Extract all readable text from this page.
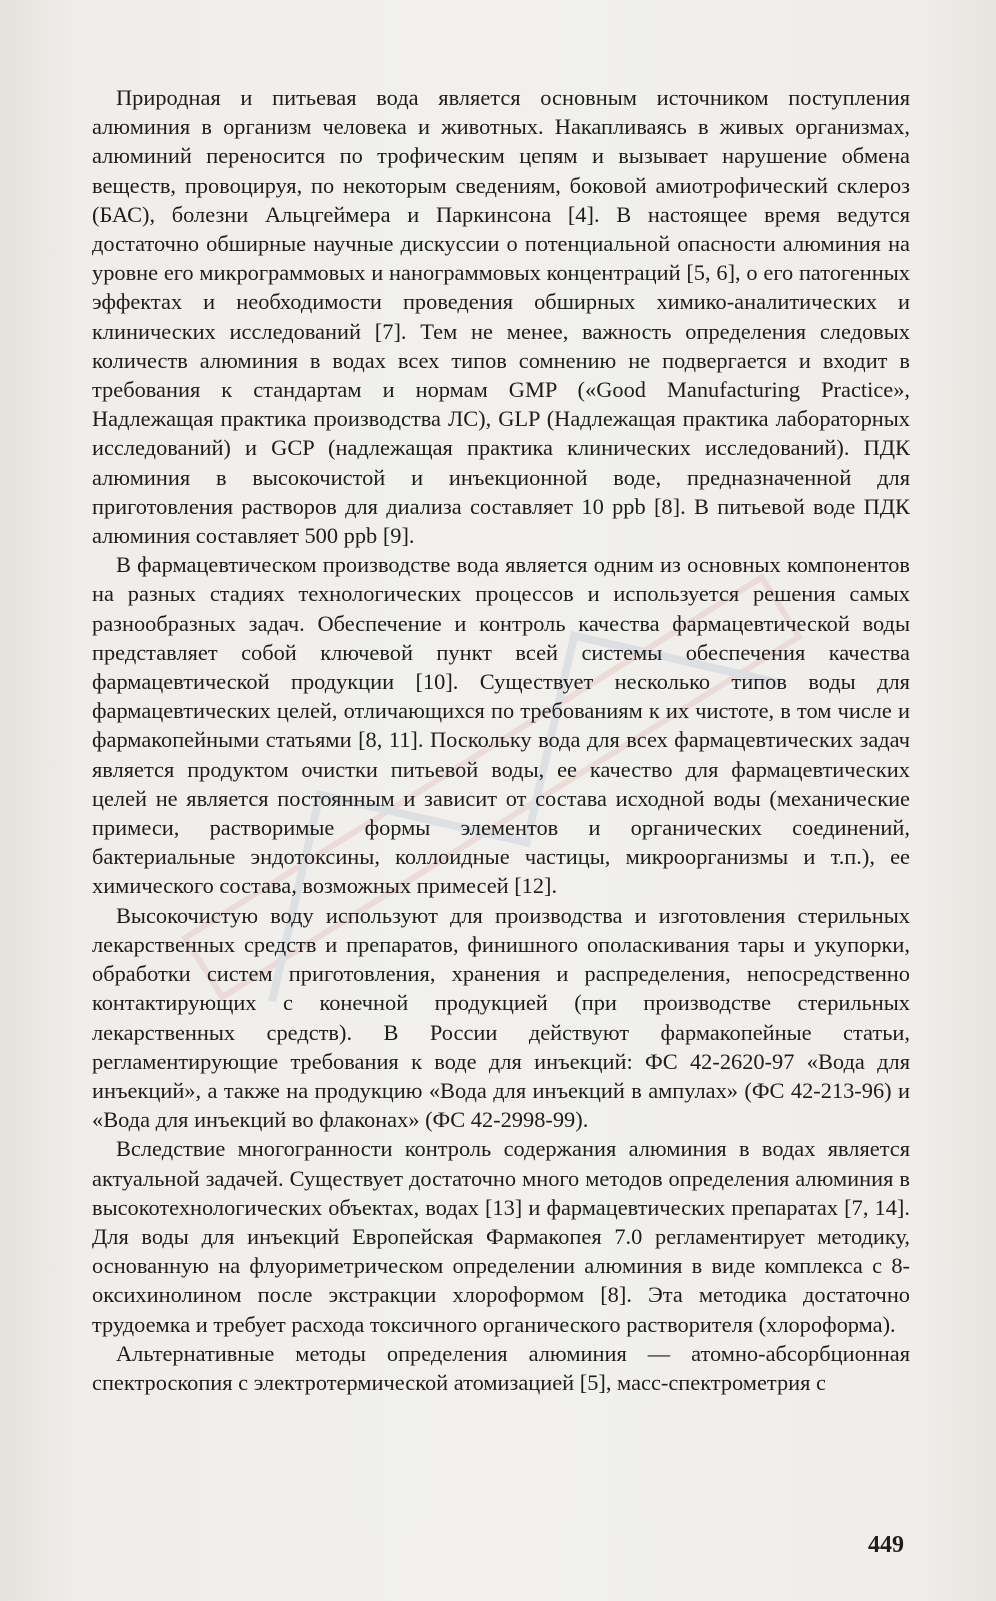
Природная и питьевая вода является основным источником поступления алюминия в организм человека и животных. Накапливаясь в живых организмах, алюминий переносится по трофическим цепям и вызывает нарушение обмена веществ, провоцируя, по некоторым сведениям, боковой амиотрофический склероз (БАС), болезни Альцгеймера и Паркинсона [4]. В настоящее время ведутся достаточно обширные научные дискуссии о потенциальной опасности алюминия на уровне его микрограммовых и нанограммовых концентраций [5, 6], о его патогенных эффектах и необходимости проведения обширных химико-аналитических и клинических исследований [7]. Тем не менее, важность определения следовых количеств алюминия в водах всех типов сомнению не подвергается и входит в требования к стандартам и нормам GMP («Good Manufacturing Practice», Надлежащая практика производства ЛС), GLP (Надлежащая практика лабораторных исследований) и GCP (надлежащая практика клинических исследований). ПДК алюминия в высокочистой и инъекционной воде, предназначенной для приготовления растворов для диализа составляет 10 ppb [8]. В питьевой воде ПДК алюминия составляет 500 ppb [9].

В фармацевтическом производстве вода является одним из основных компонентов на разных стадиях технологических процессов и используется решения самых разнообразных задач. Обеспечение и контроль качества фармацевтической воды представляет собой ключевой пункт всей системы обеспечения качества фармацевтической продукции [10]. Существует несколько типов воды для фармацевтических целей, отличающихся по требованиям к их чистоте, в том числе и фармакопейными статьями [8, 11]. Поскольку вода для всех фармацевтических задач является продуктом очистки питьевой воды, ее качество для фармацевтических целей не является постоянным и зависит от состава исходной воды (механические примеси, растворимые формы элементов и органических соединений, бактериальные эндотоксины, коллоидные частицы, микроорганизмы и т.п.), ее химического состава, возможных примесей [12].

Высокочистую воду используют для производства и изготовления стерильных лекарственных средств и препаратов, финишного ополаскивания тары и укупорки, обработки систем приготовления, хранения и распределения, непосредственно контактирующих с конечной продукцией (при производстве стерильных лекарственных средств). В России действуют фармакопейные статьи, регламентирующие требования к воде для инъекций: ФС 42-2620-97 «Вода для инъекций», а также на продукцию «Вода для инъекций в ампулах» (ФС 42-213-96) и «Вода для инъекций во флаконах» (ФС 42-2998-99).

Вследствие многогранности контроль содержания алюминия в водах является актуальной задачей. Существует достаточно много методов определения алюминия в высокотехнологических объектах, водах [13] и фармацевтических препаратах [7, 14]. Для воды для инъекций Европейская Фармакопея 7.0 регламентирует методику, основанную на флуориметрическом определении алюминия в виде комплекса с 8-оксихинолином после экстракции хлороформом [8]. Эта методика достаточно трудоемка и требует расхода токсичного органического растворителя (хлороформа).

Альтернативные методы определения алюминия — атомно-абсорбционная спектроскопия с электротермической атомизацией [5], масс-спектрометрия с

449
